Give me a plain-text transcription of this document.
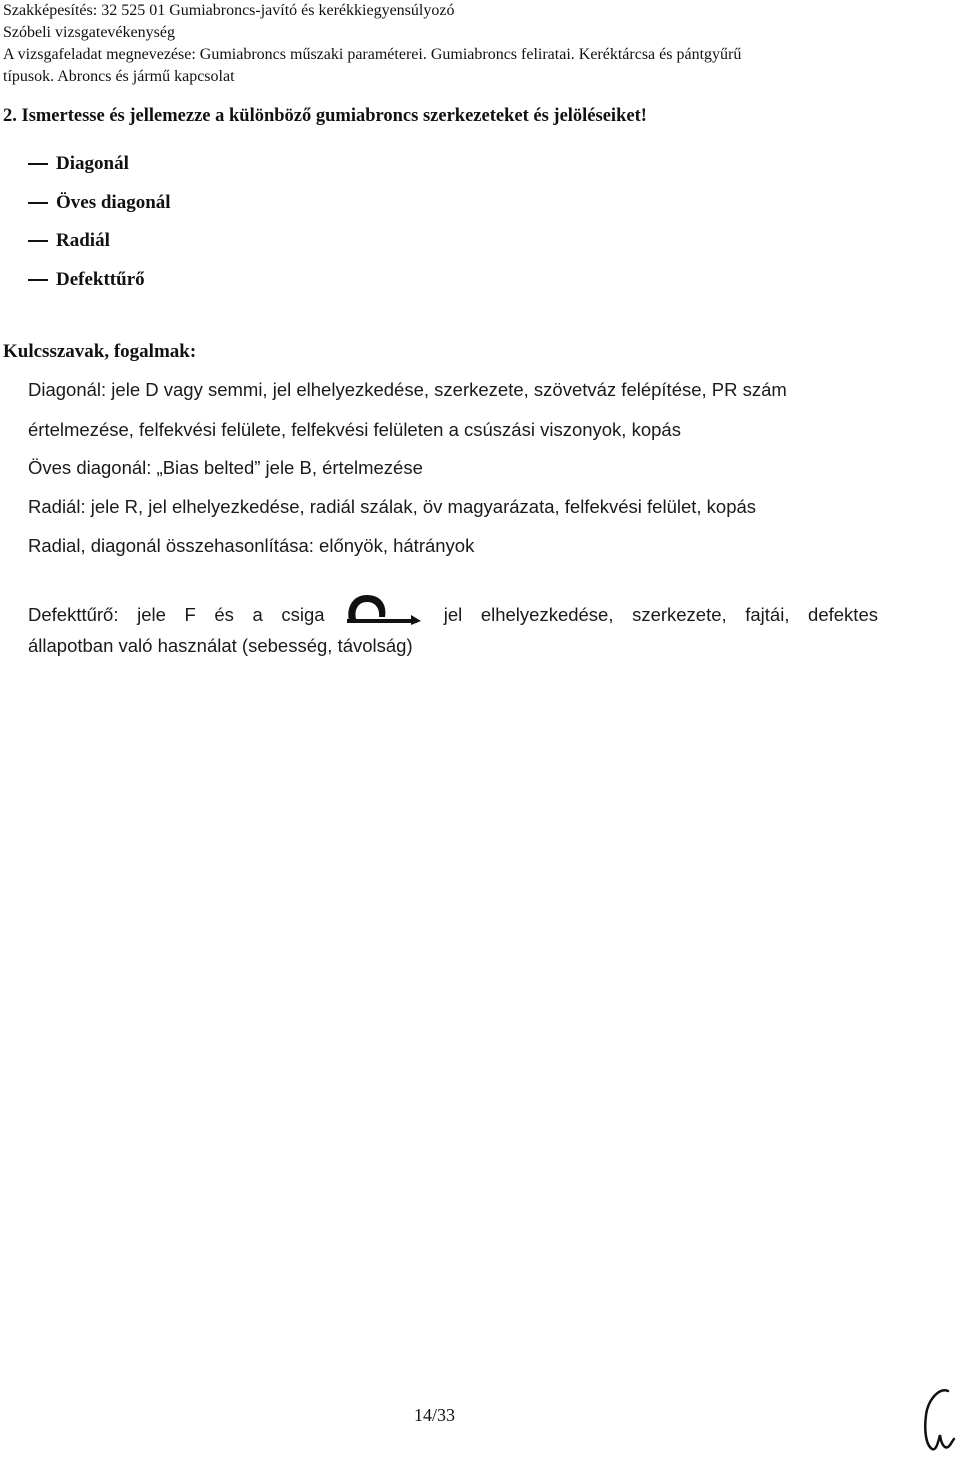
Szakképesítés: 32 525 01 Gumiabroncs-javító és kerékkiegyensúlyozó
Szóbeli vizsgatevékenység
A vizsgafeladat megnevezése: Gumiabroncs műszaki paraméterei. Gumiabroncs feliratai. Keréktárcsa és pántgyűrű
típusok. Abroncs és jármű kapcsolat
2. Ismertesse és jellemezze a különböző gumiabroncs szerkezeteket és jelöléseiket!
Diagonál
Öves diagonál
Radiál
Defekttűrő
Kulcsszavak, fogalmak:
Diagonál: jele D vagy semmi, jel elhelyezkedése, szerkezete, szövetváz felépítése, PR szám
értelmezése, felfekvési felülete, felfekvési felületen a csúszási viszonyok, kopás
Öves diagonál: „Bias belted” jele B, értelmezése
Radiál: jele R, jel elhelyezkedése, radiál szálak, öv magyarázata, felfekvési felület, kopás
Radial, diagonál összehasonlítása: előnyök, hátrányok
Defekttűrő: jele F és a csiga	jel elhelyezkedése, szerkezete, fajtái, defektes
állapotban való használat (sebesség, távolság)
14/33
